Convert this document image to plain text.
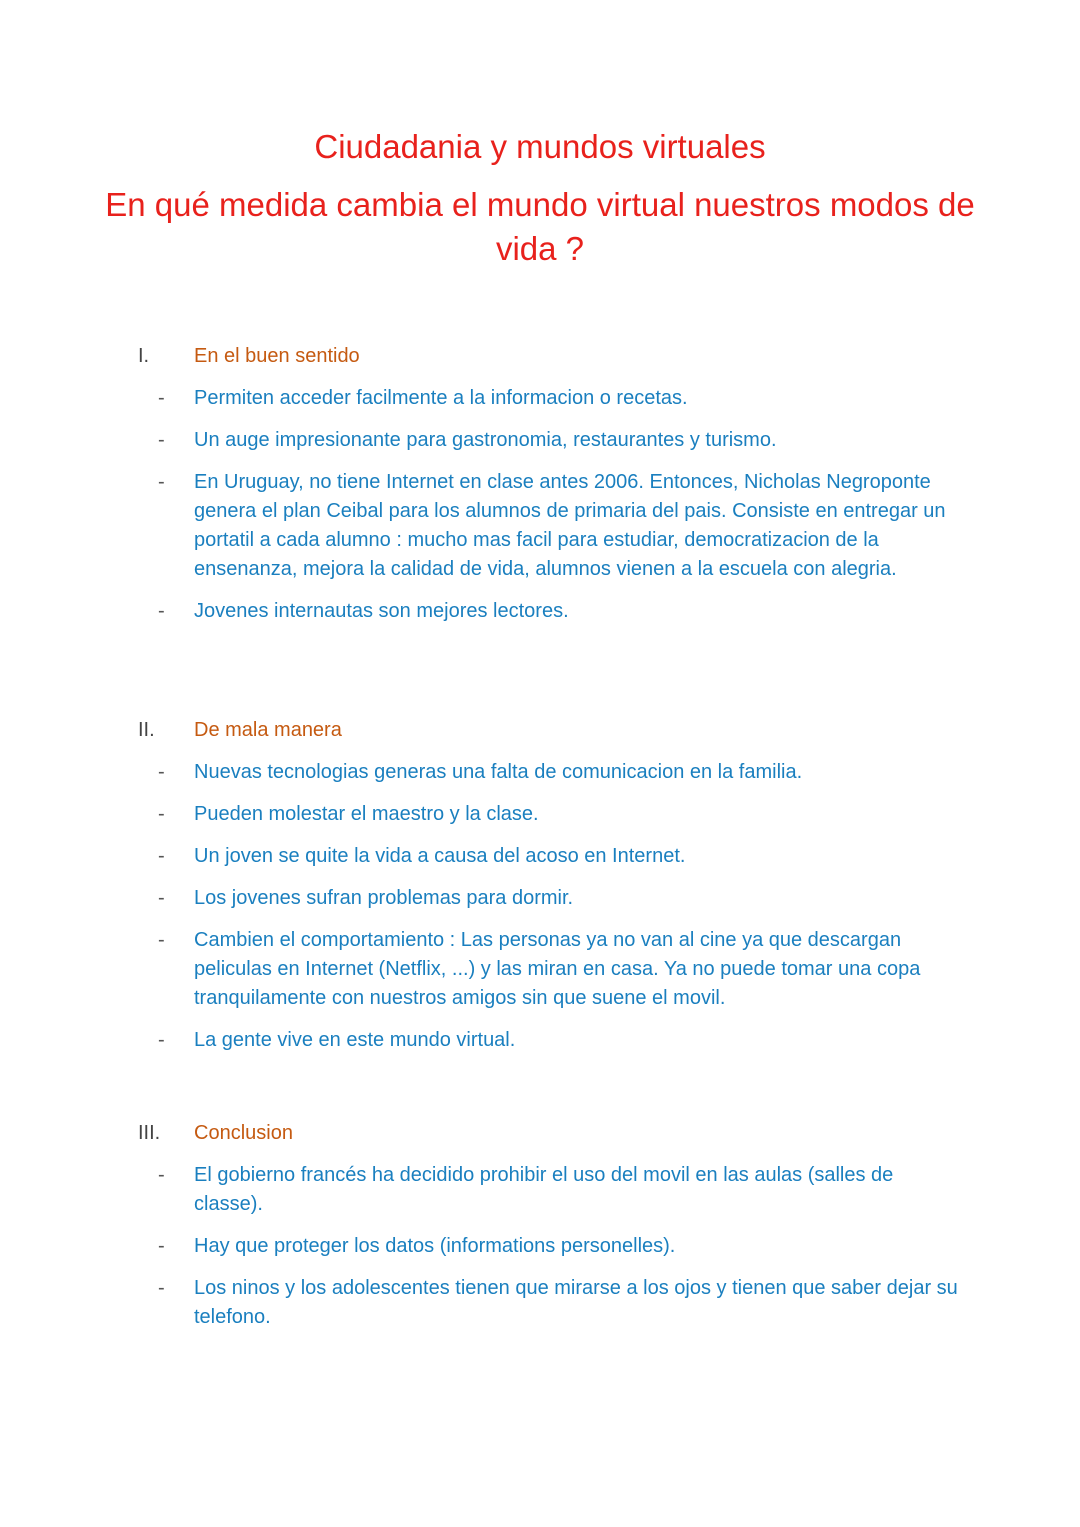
Ciudadania y mundos virtuales
En qué medida cambia el mundo virtual nuestros modos de vida ?
I.	En el buen sentido
- Permiten acceder facilmente a la informacion o recetas.
- Un auge impresionante para gastronomia, restaurantes y turismo.
- En Uruguay, no tiene Internet en clase antes 2006. Entonces, Nicholas Negroponte genera el plan Ceibal para los alumnos de primaria del pais. Consiste en entregar un portatil a cada alumno : mucho mas facil para estudiar, democratizacion de la ensenanza, mejora la calidad de vida, alumnos vienen a la escuela con alegria.
- Jovenes internautas son mejores lectores.
II.	De mala manera
- Nuevas tecnologias generas una falta de comunicacion en la familia.
- Pueden molestar el maestro y la clase.
- Un joven se quite la vida a causa del acoso en Internet.
- Los jovenes sufran problemas para dormir.
- Cambien el comportamiento : Las personas ya no van al cine ya que descargan peliculas en Internet (Netflix, ...) y las miran en casa. Ya no puede tomar una copa tranquilamente con nuestros amigos sin que suene el movil.
- La gente vive en este mundo virtual.
III.	Conclusion
- El gobierno francés ha decidido prohibir el uso del movil en las aulas (salles de classe).
- Hay que proteger los datos (informations personelles).
- Los ninos y los adolescentes tienen que mirarse a los ojos y tienen que saber dejar su telefono.
